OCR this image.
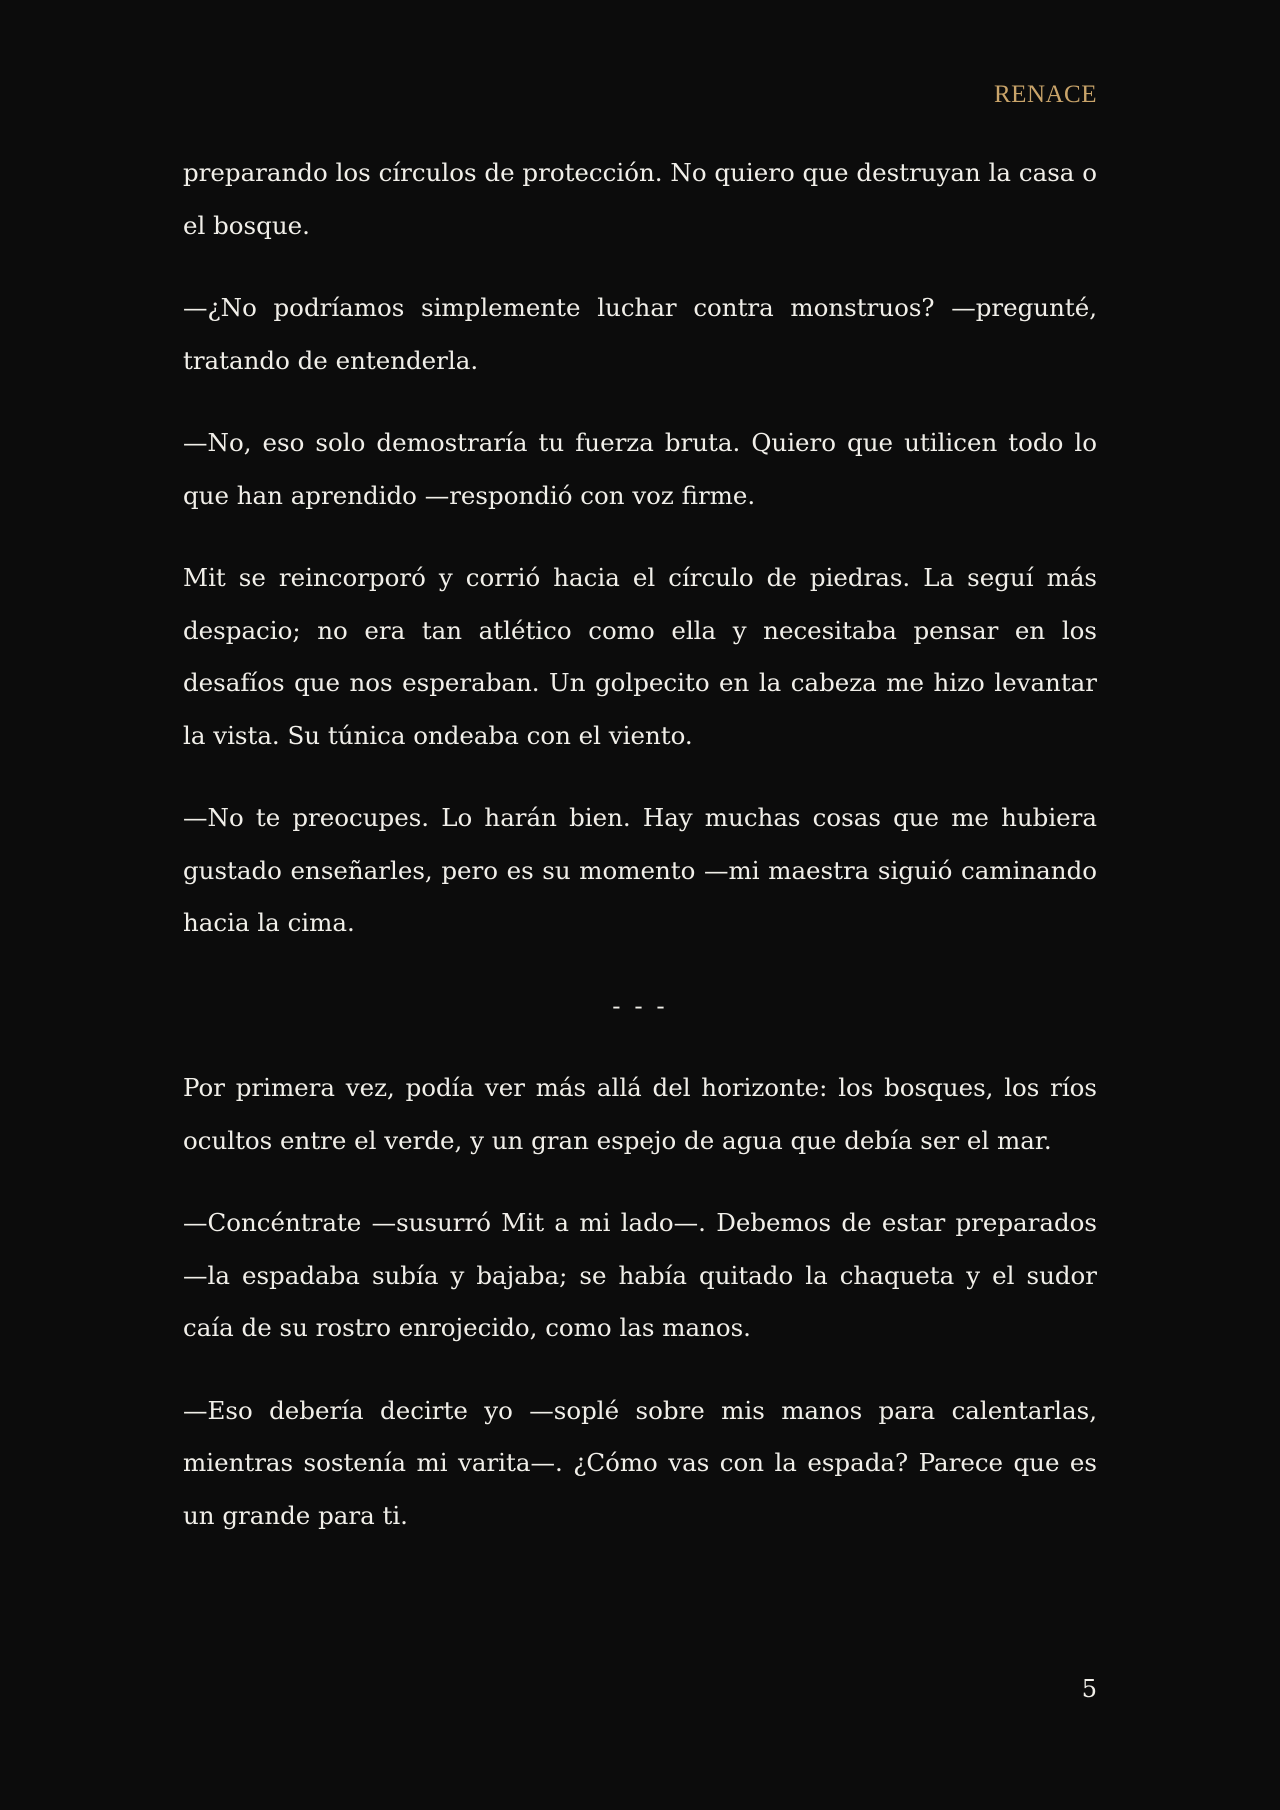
RENACE

preparando los círculos de protección. No quiero que destruyan la casa o el bosque.

—¿No podríamos simplemente luchar contra monstruos? —pregunté, tratando de entenderla.

—No, eso solo demostraría tu fuerza bruta. Quiero que utilicen todo lo que han aprendido —respondió con voz firme.

Mit se reincorporó y corrió hacia el círculo de piedras. La seguí más despacio; no era tan atlético como ella y necesitaba pensar en los desafíos que nos esperaban. Un golpecito en la cabeza me hizo levantar la vista. Su túnica ondeaba con el viento.

—No te preocupes. Lo harán bien. Hay muchas cosas que me hubiera gustado enseñarles, pero es su momento —mi maestra siguió caminando hacia la cima.

- - -

Por primera vez, podía ver más allá del horizonte: los bosques, los ríos ocultos entre el verde, y un gran espejo de agua que debía ser el mar.

—Concéntrate —susurró Mit a mi lado—. Debemos de estar preparados —la espadaba subía y bajaba; se había quitado la chaqueta y el sudor caía de su rostro enrojecido, como las manos.

—Eso debería decirte yo —soplé sobre mis manos para calentarlas, mientras sostenía mi varita—. ¿Cómo vas con la espada? Parece que es un grande para ti.

5
